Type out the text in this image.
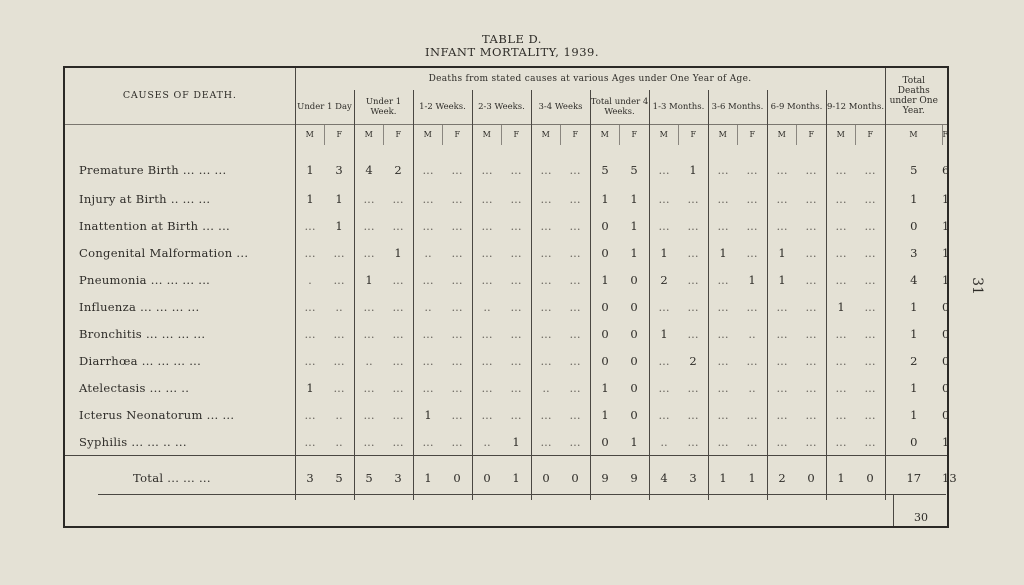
TABLE D.
INFANT MORTALITY, 1939.
CAUSES OF DEATH.	Deaths from stated causes at various Ages under One Year of Age.																				Total Deaths under One Year.	
	Under 1 Day		Under 1 Week.		1-2 Weeks.		2-3 Weeks.		3-4 Weeks		Total under 4 Weeks.		1-3 Months.		3-6 Months.		6-9 Months.		9-12 Months.			
	M	F	M	F	M	F	M	F	M	F	M	F	M	F	M	F	M	F	M	F	M	F
Premature Birth ... ... ...	1	3	4	2	...	...	...	...	...	...	5	5	...	1	...	...	...	...	...	...	5	6
Injury at Birth .. ... ...	1	1	...	...	...	...	...	...	...	...	1	1	...	...	...	...	...	...	...	...	1	1
Inattention at Birth ... ...	...	1	...	...	...	...	...	...	...	...	0	1	...	...	...	...	...	...	...	...	0	1
Congenital Malformation ...	...	...	...	1	..	...	...	...	...	...	0	1	1	...	1	...	1	...	...	...	3	1
Pneumonia ... ... ... ...	.	...	1	...	...	...	...	...	...	...	1	0	2	...	...	1	1	...	...	...	4	1
Influenza ... ... ... ...	...	..	...	...	..	...	..	...	...	...	0	0	...	...	...	...	...	...	1	...	1	0
Bronchitis ... ... ... ...	...	...	...	...	...	...	...	...	...	...	0	0	1	...	...	..	...	...	...	...	1	0
Diarrhœa ... ... ... ...	...	...	..	...	...	...	...	...	...	...	0	0	...	2	...	...	...	...	...	...	2	0
Atelectasis ... ... ..	1	...	...	...	...	...	...	...	..	...	1	0	...	...	...	..	...	...	...	...	1	0
Icterus Neonatorum ... ...	...	..	...	...	1	...	...	...	...	...	1	0	...	...	...	...	...	...	...	...	1	0
Syphilis ... ... .. ...	...	..	...	...	...	...	..	1	...	...	0	1	..	...	...	...	...	...	...	...	0	1
Total ... ... ...	3	5	5	3	1	0	0	1	0	0	9	9	4	3	1	1	2	0	1	0	17	13
30
31
